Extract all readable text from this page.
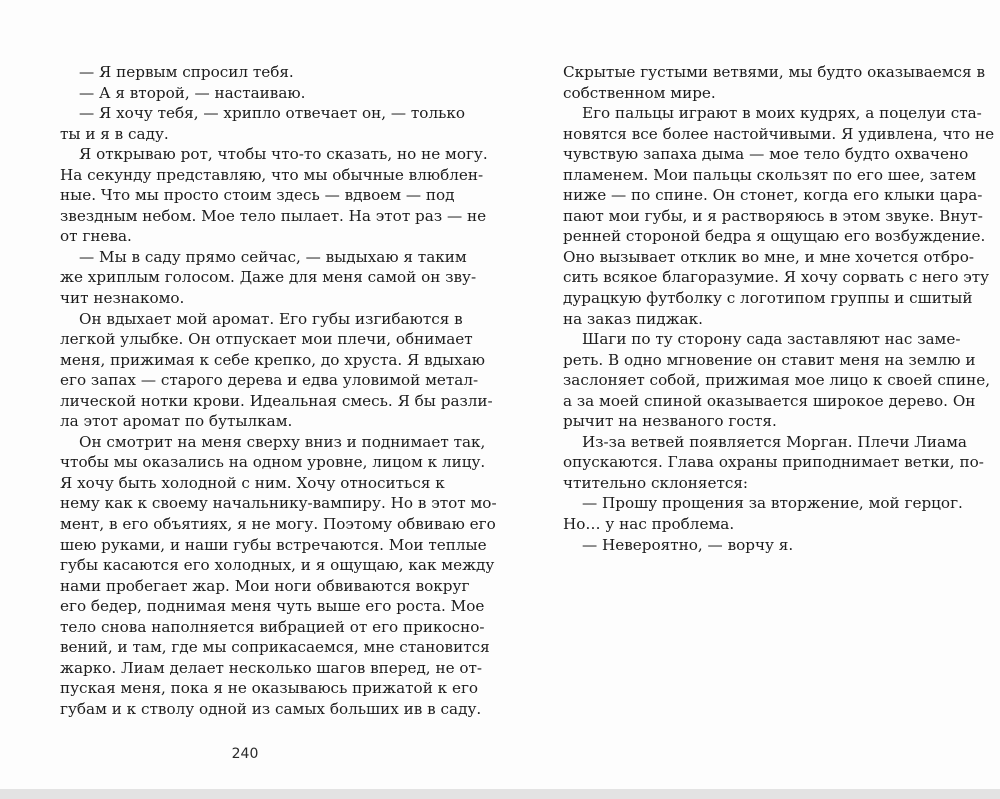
— Я первым спросил тебя.
— А я второй, — настаиваю.
— Я хочу тебя, — хрипло отвечает он, — только
ты и я в саду.
Я открываю рот, чтобы что-то сказать, но не могу.
На секунду представляю, что мы обычные влюблен-
ные. Что мы просто стоим здесь — вдвоем — под
звездным небом. Мое тело пылает. На этот раз — не
от гнева.
— Мы в саду прямо сейчас, — выдыхаю я таким
же хриплым голосом. Даже для меня самой он зву-
чит незнакомо.
Он вдыхает мой аромат. Его губы изгибаются в
легкой улыбке. Он отпускает мои плечи, обнимает
меня, прижимая к себе крепко, до хруста. Я вдыхаю
его запах — старого дерева и едва уловимой метал-
лической нотки крови. Идеальная смесь. Я бы разли-
ла этот аромат по бутылкам.
Он смотрит на меня сверху вниз и поднимает так,
чтобы мы оказались на одном уровне, лицом к лицу.
Я хочу быть холодной с ним. Хочу относиться к
нему как к своему начальнику-вампиру. Но в этот мо-
мент, в его объятиях, я не могу. Поэтому обвиваю его
шею руками, и наши губы встречаются. Мои теплые
губы касаются его холодных, и я ощущаю, как между
нами пробегает жар. Мои ноги обвиваются вокруг
его бедер, поднимая меня чуть выше его роста. Мое
тело снова наполняется вибрацией от его прикосно-
вений, и там, где мы соприкасаемся, мне становится
жарко. Лиам делает несколько шагов вперед, не от-
пуская меня, пока я не оказываюсь прижатой к его
губам и к стволу одной из самых больших ив в саду.
Скрытые густыми ветвями, мы будто оказываемся в
собственном мире.
Его пальцы играют в моих кудрях, а поцелуи ста-
новятся все более настойчивыми. Я удивлена, что не
чувствую запаха дыма — мое тело будто охвачено
пламенем. Мои пальцы скользят по его шее, затем
ниже — по спине. Он стонет, когда его клыки цара-
пают мои губы, и я растворяюсь в этом звуке. Внут-
ренней стороной бедра я ощущаю его возбуждение.
Оно вызывает отклик во мне, и мне хочется отбро-
сить всякое благоразумие. Я хочу сорвать с него эту
дурацкую футболку с логотипом группы и сшитый
на заказ пиджак.
Шаги по ту сторону сада заставляют нас заме-
реть. В одно мгновение он ставит меня на землю и
заслоняет собой, прижимая мое лицо к своей спине,
а за моей спиной оказывается широкое дерево. Он
рычит на незваного гостя.
Из-за ветвей появляется Морган. Плечи Лиама
опускаются. Глава охраны приподнимает ветки, по-
чтительно склоняется:
— Прошу прощения за вторжение, мой герцог.
Но… у нас проблема.
— Невероятно, — ворчу я.
240
